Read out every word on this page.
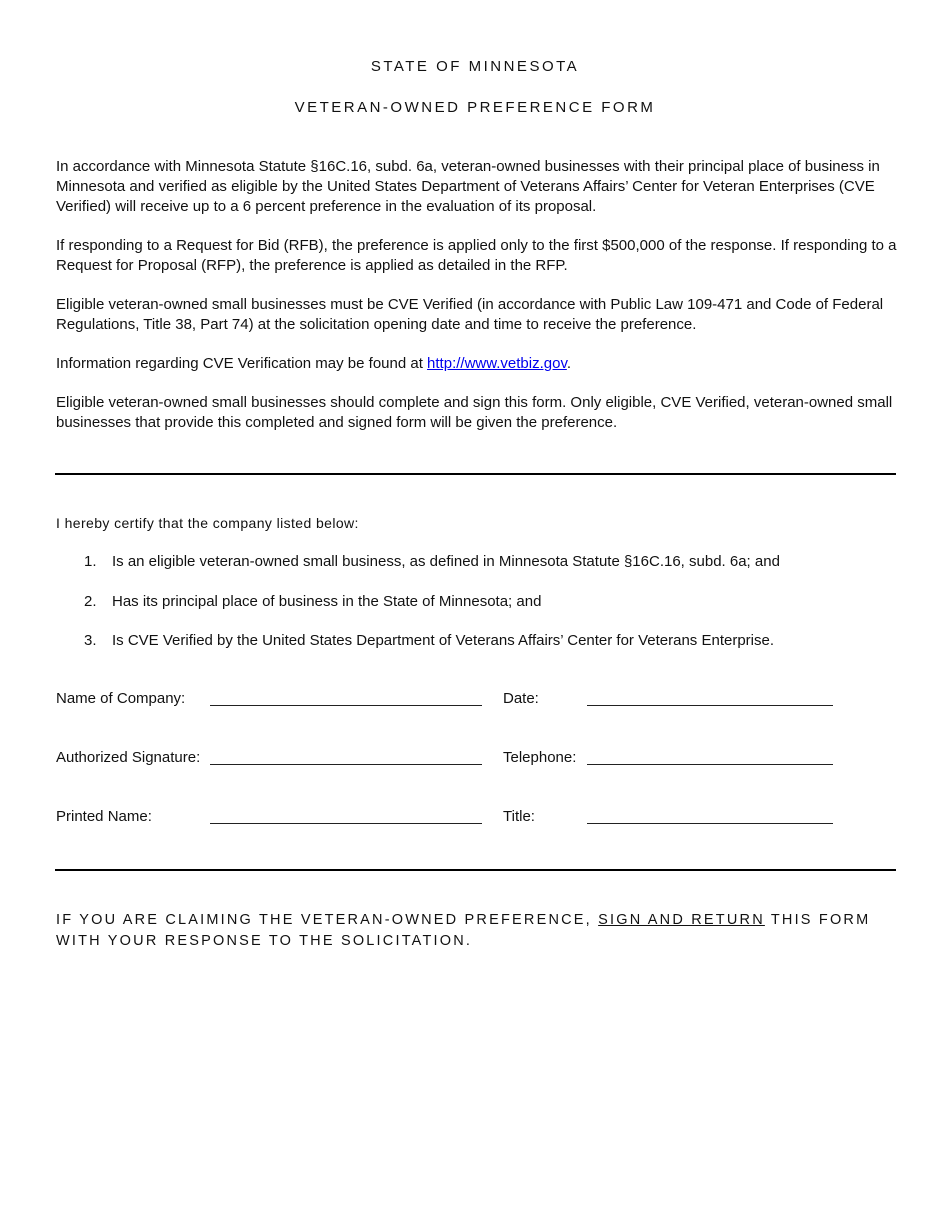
STATE OF MINNESOTA
VETERAN-OWNED PREFERENCE FORM

In accordance with Minnesota Statute §16C.16, subd. 6a, veteran-owned businesses with their principal place of business in Minnesota and verified as eligible by the United States Department of Veterans Affairs’ Center for Veteran Enterprises (CVE Verified) will receive up to a 6 percent preference in the evaluation of its proposal.

If responding to a Request for Bid (RFB), the preference is applied only to the first $500,000 of the response. If responding to a Request for Proposal (RFP), the preference is applied as detailed in the RFP.

Eligible veteran-owned small businesses must be CVE Verified (in accordance with Public Law 109-471 and Code of Federal Regulations, Title 38, Part 74) at the solicitation opening date and time to receive the preference.

Information regarding CVE Verification may be found at http://www.vetbiz.gov.

Eligible veteran-owned small businesses should complete and sign this form. Only eligible, CVE Verified, veteran-owned small businesses that provide this completed and signed form will be given the preference.

I hereby certify that the company listed below:
1. Is an eligible veteran-owned small business, as defined in Minnesota Statute §16C.16, subd. 6a; and
2. Has its principal place of business in the State of Minnesota; and
3. Is CVE Verified by the United States Department of Veterans Affairs’ Center for Veterans Enterprise.
Name of Company:	Date:
Authorized Signature:	Telephone:
Printed Name:	Title:
IF YOU ARE CLAIMING THE VETERAN-OWNED PREFERENCE, SIGN AND RETURN THIS FORM WITH YOUR RESPONSE TO THE SOLICITATION.
